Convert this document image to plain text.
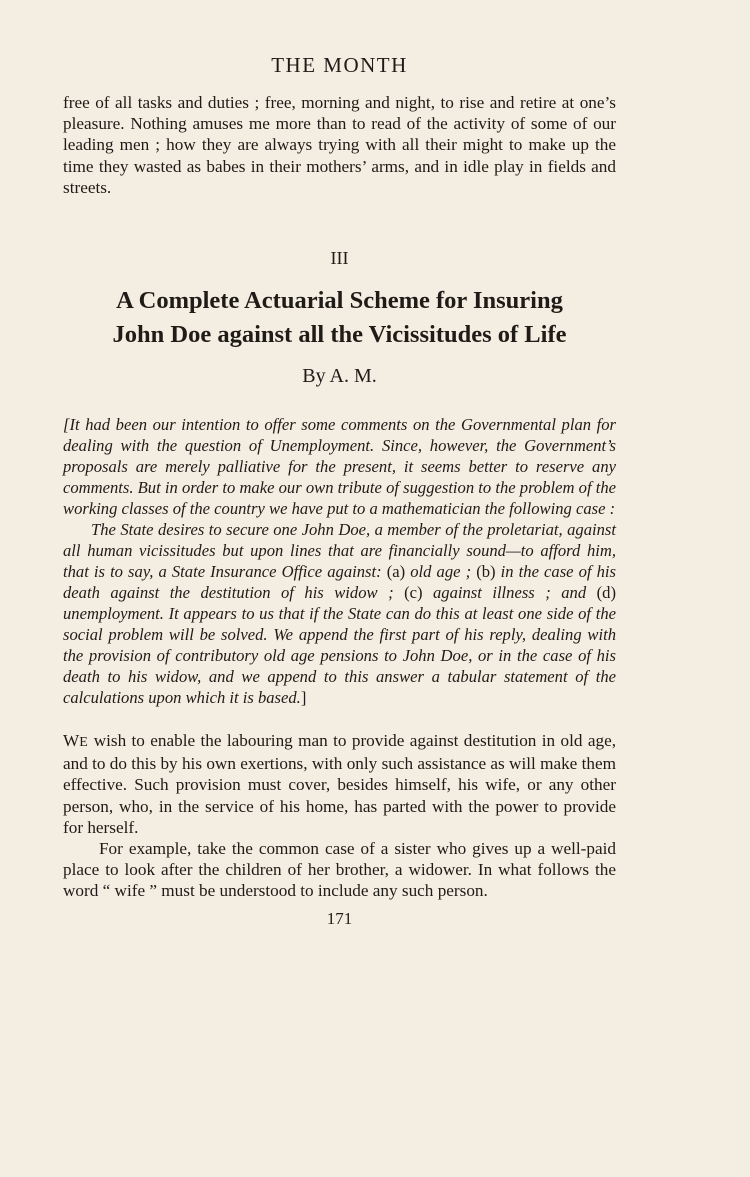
THE MONTH

free of all tasks and duties ; free, morning and night, to rise and retire at one’s pleasure. Nothing amuses me more than to read of the activity of some of our leading men ; how they are always trying with all their might to make up the time they wasted as babes in their mothers’ arms, and in idle play in fields and streets.

III
A Complete Actuarial Scheme for Insuring
John Doe against all the Vicissitudes of Life
By A. M.

[It had been our intention to offer some comments on the Governmental plan for dealing with the question of Unemployment. Since, however, the Government’s proposals are merely palliative for the present, it seems better to reserve any comments. But in order to make our own tribute of suggestion to the problem of the working classes of the country we have put to a mathematician the following case :

The State desires to secure one John Doe, a member of the proletariat, against all human vicissitudes but upon lines that are financially sound—to afford him, that is to say, a State Insurance Office against: (a) old age ; (b) in the case of his death against the destitution of his widow ; (c) against illness ; and (d) unemployment. It appears to us that if the State can do this at least one side of the social problem will be solved. We append the first part of his reply, dealing with the provision of contributory old age pensions to John Doe, or in the case of his death to his widow, and we append to this answer a tabular statement of the calculations upon which it is based.]

WE wish to enable the labouring man to provide against destitution in old age, and to do this by his own exertions, with only such assistance as will make them effective. Such provision must cover, besides himself, his wife, or any other person, who, in the service of his home, has parted with the power to provide for herself.

For example, take the common case of a sister who gives up a well-paid place to look after the children of her brother, a widower. In what follows the word “ wife ” must be understood to include any such person.

171
